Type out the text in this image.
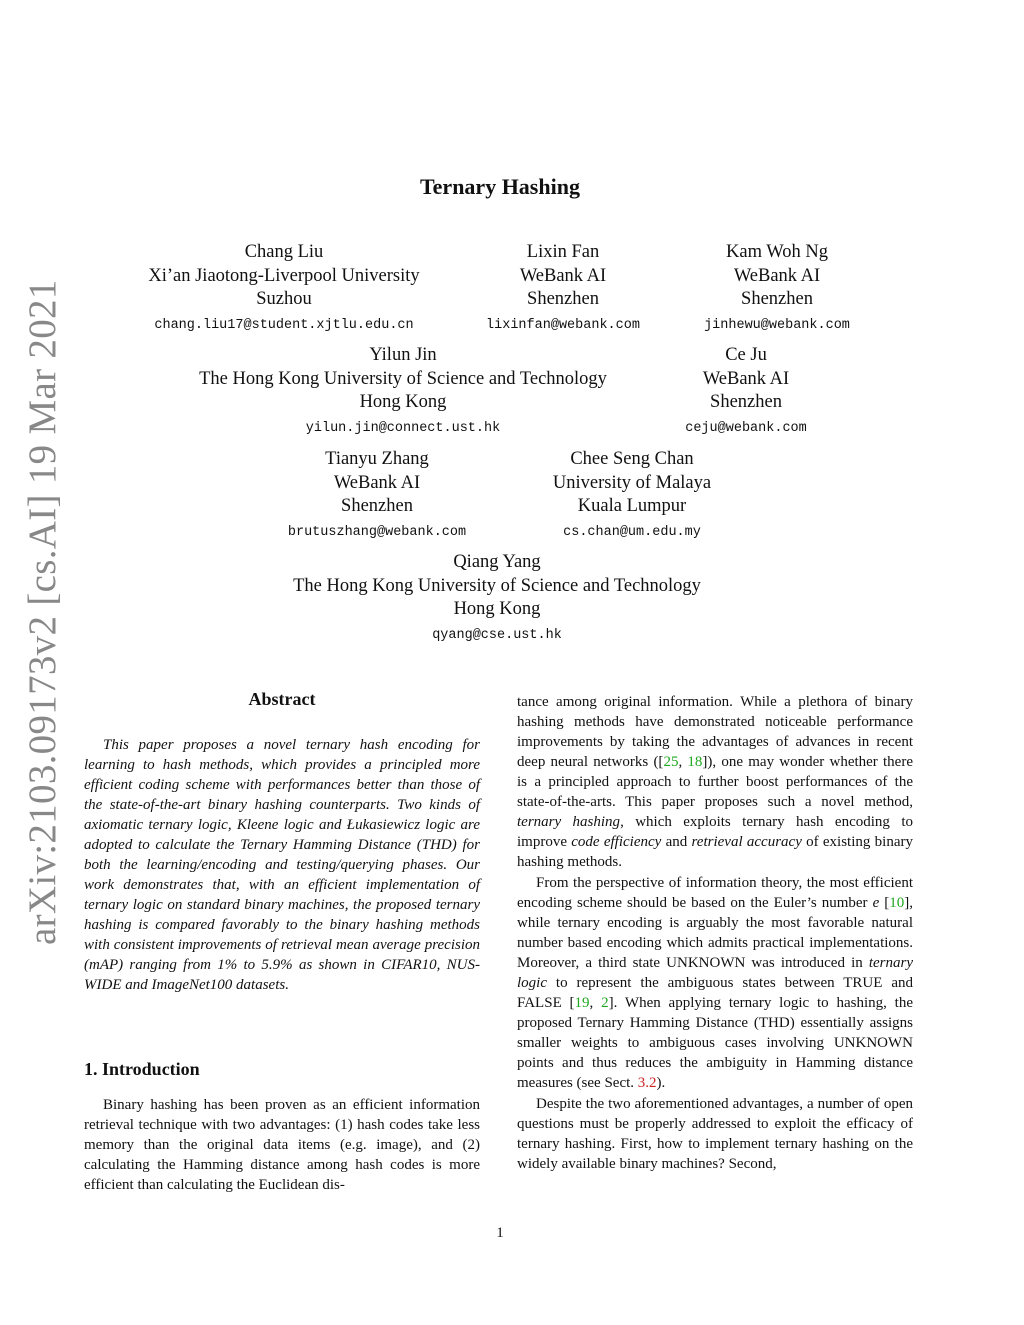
arXiv:2103.09173v2 [cs.AI] 19 Mar 2021
Ternary Hashing
Chang Liu
Xi’an Jiaotong-Liverpool University
Suzhou
chang.liu17@student.xjtlu.edu.cn
Lixin Fan
WeBank AI
Shenzhen
lixinfan@webank.com
Kam Woh Ng
WeBank AI
Shenzhen
jinhewu@webank.com
Yilun Jin
The Hong Kong University of Science and Technology
Hong Kong
yilun.jin@connect.ust.hk
Ce Ju
WeBank AI
Shenzhen
ceju@webank.com
Tianyu Zhang
WeBank AI
Shenzhen
brutuszhang@webank.com
Chee Seng Chan
University of Malaya
Kuala Lumpur
cs.chan@um.edu.my
Qiang Yang
The Hong Kong University of Science and Technology
Hong Kong
qyang@cse.ust.hk
Abstract

This paper proposes a novel ternary hash encoding for learning to hash methods, which provides a principled more efficient coding scheme with performances better than those of the state-of-the-art binary hashing counterparts. Two kinds of axiomatic ternary logic, Kleene logic and Łukasiewicz logic are adopted to calculate the Ternary Hamming Distance (THD) for both the learning/encoding and testing/querying phases. Our work demonstrates that, with an efficient implementation of ternary logic on standard binary machines, the proposed ternary hashing is compared favorably to the binary hashing methods with consistent improvements of retrieval mean average precision (mAP) ranging from 1% to 5.9% as shown in CIFAR10, NUS-WIDE and ImageNet100 datasets.

1. Introduction

Binary hashing has been proven as an efficient information retrieval technique with two advantages: (1) hash codes take less memory than the original data items (e.g. image), and (2) calculating the Hamming distance among hash codes is more efficient than calculating the Euclidean dis-

tance among original information. While a plethora of binary hashing methods have demonstrated noticeable performance improvements by taking the advantages of advances in recent deep neural networks ([25, 18]), one may wonder whether there is a principled approach to further boost performances of the state-of-the-arts. This paper proposes such a novel method, ternary hashing, which exploits ternary hash encoding to improve code efficiency and retrieval accuracy of existing binary hashing methods.

From the perspective of information theory, the most efficient encoding scheme should be based on the Euler’s number e [10], while ternary encoding is arguably the most favorable natural number based encoding which admits practical implementations. Moreover, a third state UNKNOWN was introduced in ternary logic to represent the ambiguous states between TRUE and FALSE [19, 2]. When applying ternary logic to hashing, the proposed Ternary Hamming Distance (THD) essentially assigns smaller weights to ambiguous cases involving UNKNOWN points and thus reduces the ambiguity in Hamming distance measures (see Sect. 3.2).

Despite the two aforementioned advantages, a number of open questions must be properly addressed to exploit the efficacy of ternary hashing. First, how to implement ternary hashing on the widely available binary machines? Second,

1
